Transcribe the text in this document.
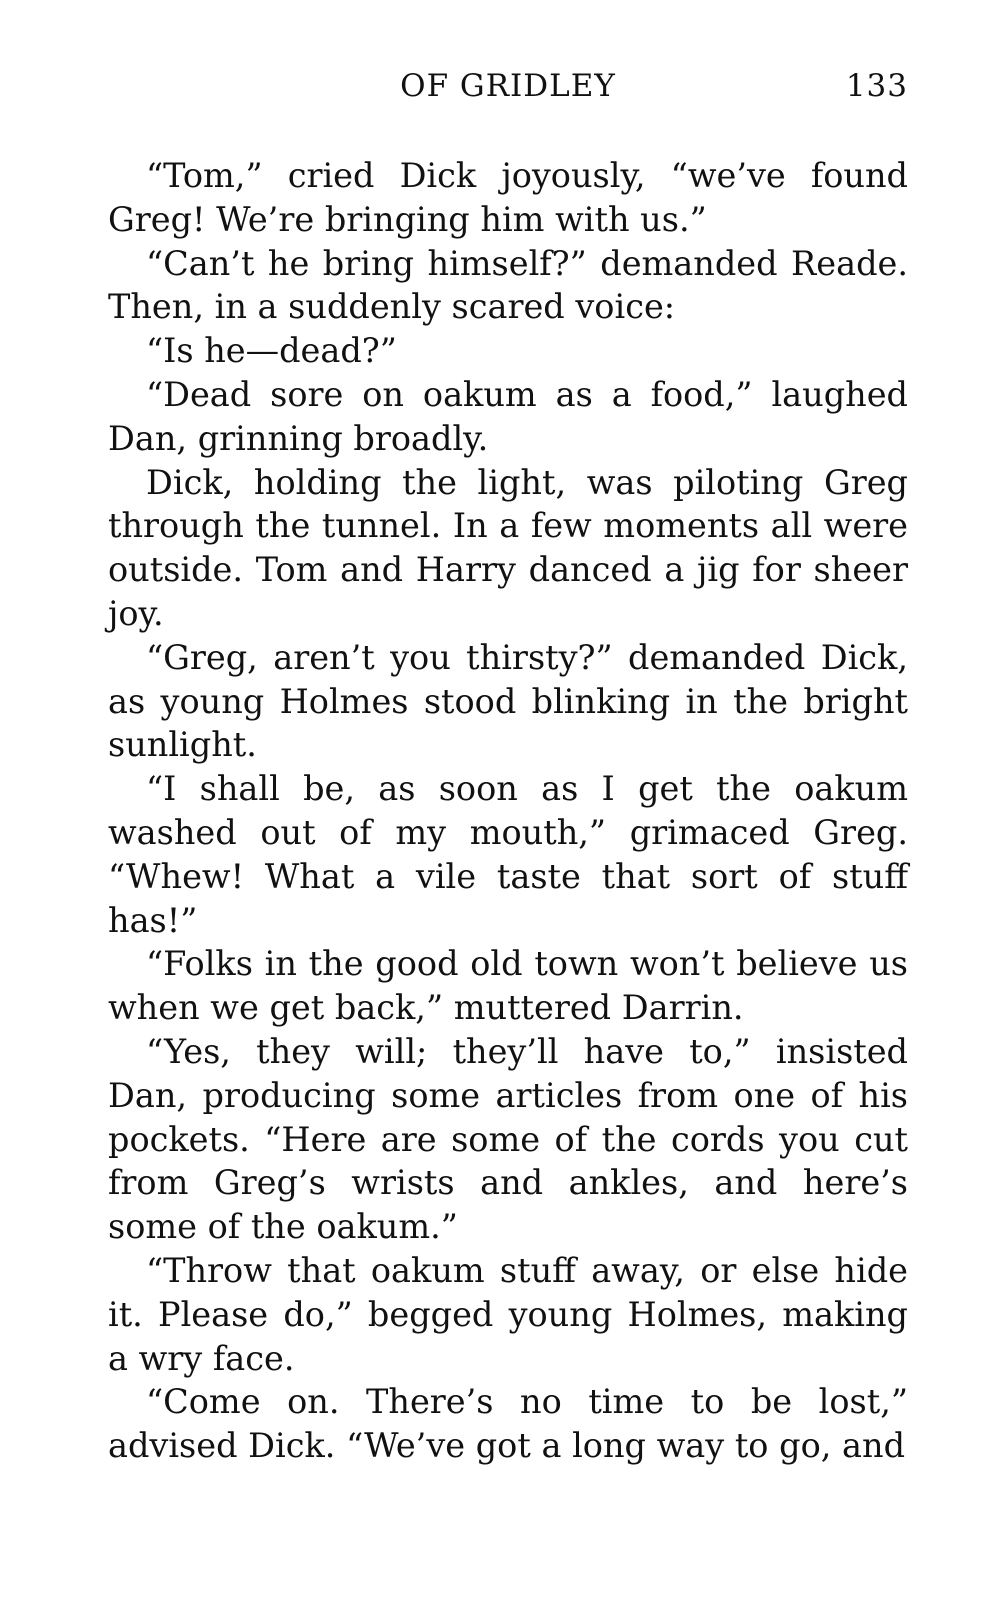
OF GRIDLEY	133

“Tom,” cried Dick joyously, “we’ve found Greg! We’re bringing him with us.”

“Can’t he bring himself?” demanded Reade. Then, in a suddenly scared voice:

“Is he—dead?”

“Dead sore on oakum as a food,” laughed Dan, grinning broadly.

Dick, holding the light, was piloting Greg through the tunnel. In a few moments all were outside. Tom and Harry danced a jig for sheer joy.

“Greg, aren’t you thirsty?” demanded Dick, as young Holmes stood blinking in the bright sunlight.

“I shall be, as soon as I get the oakum washed out of my mouth,” grimaced Greg. “Whew! What a vile taste that sort of stuff has!”

“Folks in the good old town won’t believe us when we get back,” muttered Darrin.

“Yes, they will; they’ll have to,” insisted Dan, producing some articles from one of his pockets. “Here are some of the cords you cut from Greg’s wrists and ankles, and here’s some of the oakum.”

“Throw that oakum stuff away, or else hide it. Please do,” begged young Holmes, making a wry face.

“Come on. There’s no time to be lost,” advised Dick. “We’ve got a long way to go, and
